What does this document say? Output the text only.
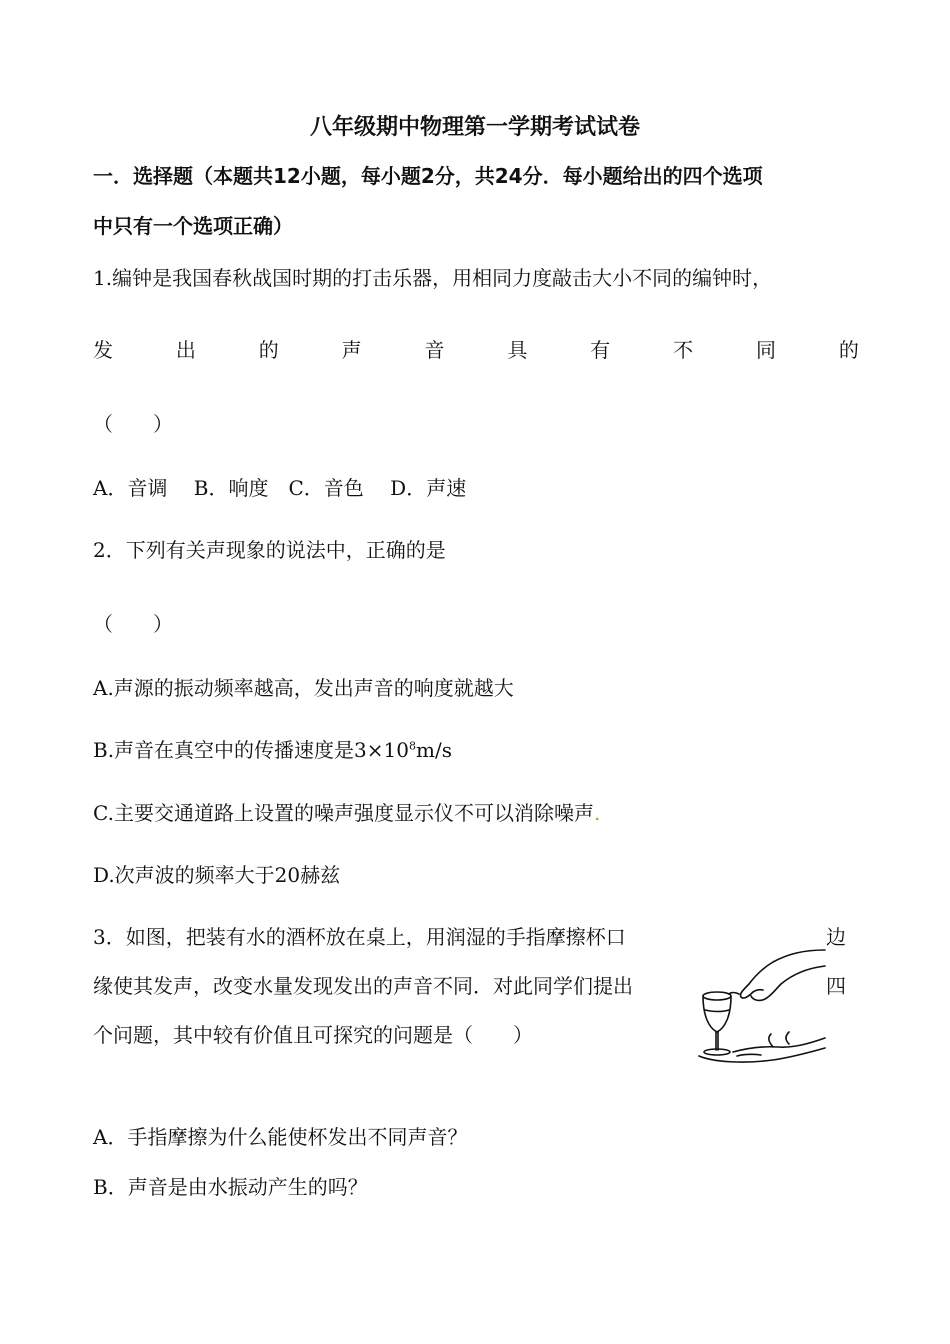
八年级期中物理第一学期考试试卷
一．选择题（本题共12小题，每小题2分，共24分．每小题给出的四个选项
中只有一个选项正确）
1.编钟是我国春秋战国时期的打击乐器，用相同力度敲击大小不同的编钟时，
发	出	的	声	音	具	有	不	同	的
（　　）
A．音调　 B．响度　C．音色　 D．声速
2．下列有关声现象的说法中，正确的是
（　　）
A.声源的振动频率越高，发出声音的响度就越大
B.声音在真空中的传播速度是$3\times 10^8m/s$
C.主要交通道路上设置的噪声强度显示仪不可以消除噪声.
D.次声波的频率大于20赫兹
3．如图，把装有水的酒杯放在桌上，用润湿的手指摩擦杯口	边
缘使其发声，改变水量发现发出的声音不同．对此同学们提出	四
个问题，其中较有价值且可探究的问题是（　　）
A．手指摩擦为什么能使杯发出不同声音？
B．声音是由水振动产生的吗？
